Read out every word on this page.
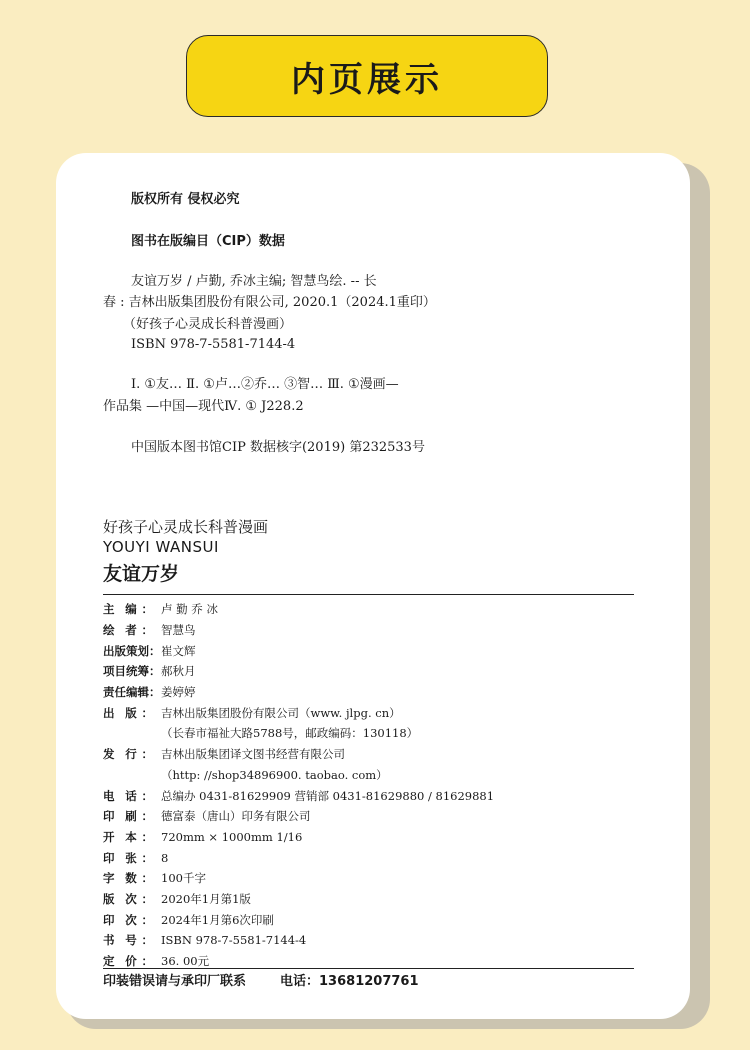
内页展示
版权所有 侵权必究
图书在版编目（CIP）数据
友谊万岁 / 卢勤, 乔冰主编; 智慧鸟绘. -- 长
春 : 吉林出版集团股份有限公司, 2020.1（2024.1重印）
（好孩子心灵成长科普漫画）
ISBN 978-7-5581-7144-4
Ⅰ. ①友… Ⅱ. ①卢…②乔… ③智… Ⅲ. ①漫画—
作品集 —中国—现代Ⅳ. ① J228.2
中国版本图书馆CIP 数据核字(2019) 第232533号
好孩子心灵成长科普漫画
YOUYI WANSUI
友谊万岁
主 编 ： 卢 勤 乔 冰
绘 者 ： 智慧鸟
出版策划： 崔文辉
项目统筹： 郝秋月
责任编辑： 姜婷婷
出 版 ： 吉林出版集团股份有限公司（www. jlpg. cn）
（长春市福祉大路5788号，邮政编码：130118）
发 行 ： 吉林出版集团译文图书经营有限公司
（http: //shop34896900. taobao. com）
电 话 ： 总编办 0431-81629909 营销部 0431-81629880 / 81629881
印 刷 ： 德富泰（唐山）印务有限公司
开 本 ： 720mm × 1000mm 1/16
印 张 ： 8
字 数 ： 100千字
版 次 ： 2020年1月第1版
印 次 ： 2024年1月第6次印刷
书 号 ： ISBN 978-7-5581-7144-4
定 价 ： 36. 00元
印装错误请与承印厂联系	电话：13681207761
